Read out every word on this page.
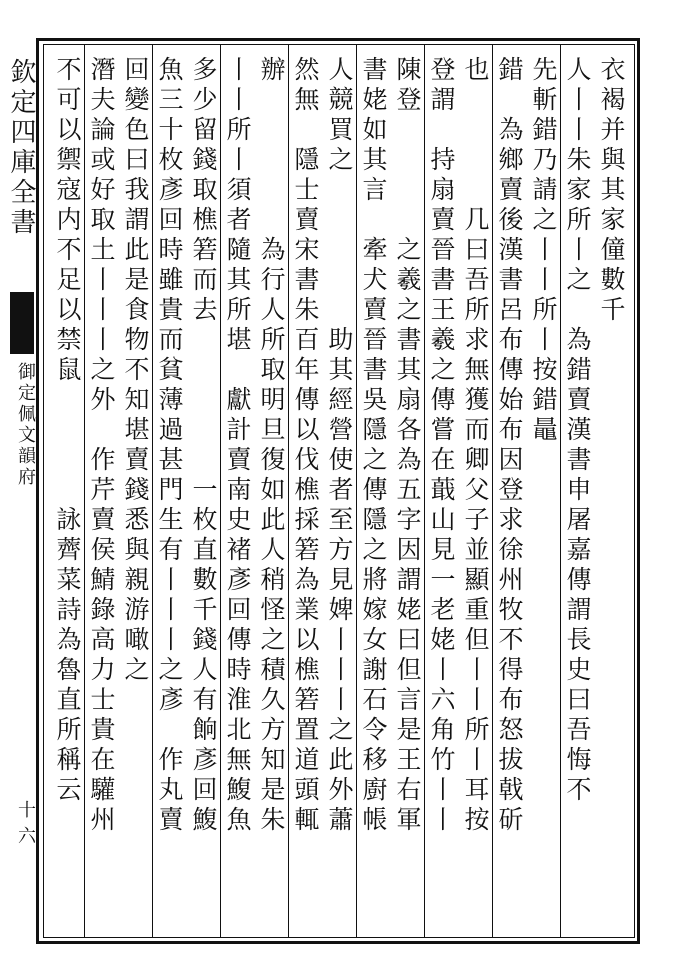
欽定四庫全書
御定佩文韻府
十六
衣褐并與其家僮數千
人丨丨朱家所丨之　為錯賣漢書申屠嘉傳謂長史曰吾悔不
先斬錯乃請之丨丨所丨按錯鼂
錯　為鄉賣後漢書呂布傳始布因登求徐州牧不得布怒拔戟斫
也　　　　几曰吾所求無獲而卿父子並顯重但丨丨所丨耳按
登謂　持扇賣晉書王羲之傳嘗在蕺山見一老姥丨六角竹丨丨
陳登　　　　之羲之書其扇各為五字因謂姥曰但言是王右軍
書姥如其言　牽犬賣晉書吳隱之傳隱之將嫁女謝石令移廚帳
人競買之　　　　　助其經營使者至方見婢丨丨丨之此外蕭
然無　隱士賣宋書朱百年傳以伐樵採箬為業以樵箬置道頭輒
辦　　　　　為行人所取明旦復如此人稍怪之積久方知是朱
丨丨所丨須者隨其所堪　獻計賣南史褚彥回傳時淮北無鰒魚
多少留錢取樵箬而去　　　　　一枚直數千錢人有餉彥回鰒
魚三十枚彥回時雖貴而貧薄過甚門生有丨丨丨之彥　作丸賣
回變色曰我謂此是食物不知堪賣錢悉與親游噉之
潛夫論或好取土丨丨丨之外　作芹賣侯鯖錄高力士貴在驩州
不可以禦寇内不足以禁鼠　　　　詠薺菜詩為魯直所稱云
